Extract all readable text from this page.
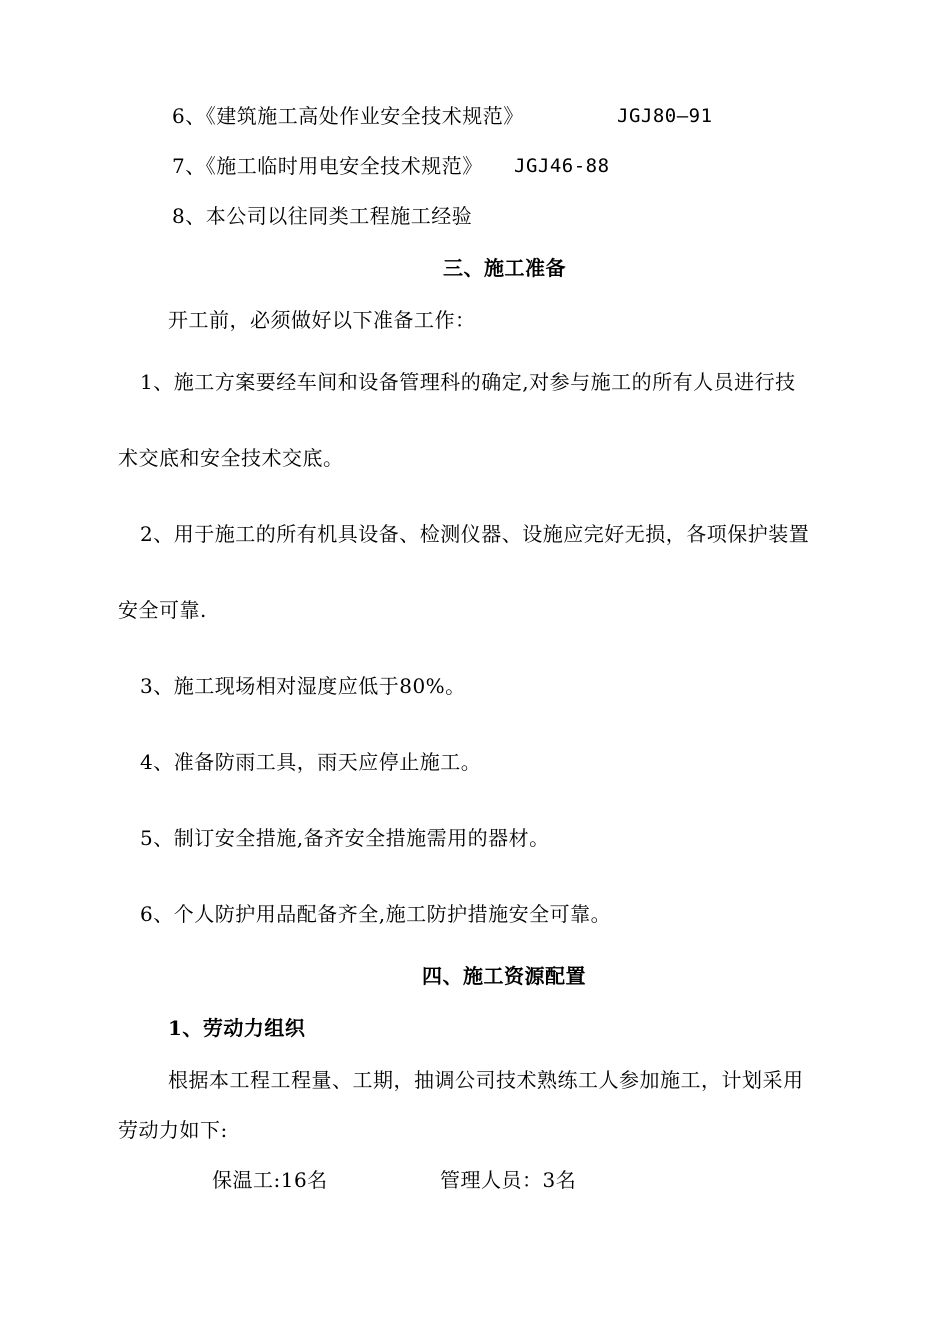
6、《建筑施工高处作业安全技术规范》	JGJ80—91
7、《施工临时用电安全技术规范》 JGJ46-88
8、本公司以往同类工程施工经验
三、施工准备
开工前，必须做好以下准备工作：
1、施工方案要经车间和设备管理科的确定,对参与施工的所有人员进行技
术交底和安全技术交底。
2、用于施工的所有机具设备、检测仪器、设施应完好无损，各项保护装置
安全可靠.
3、施工现场相对湿度应低于80%。
4、准备防雨工具，雨天应停止施工。
5、制订安全措施,备齐安全措施需用的器材。
6、个人防护用品配备齐全,施工防护措施安全可靠。
四、施工资源配置
1、劳动力组织
根据本工程工程量、工期，抽调公司技术熟练工人参加施工，计划采用
劳动力如下:
保温工:16名	管理人员：3名
